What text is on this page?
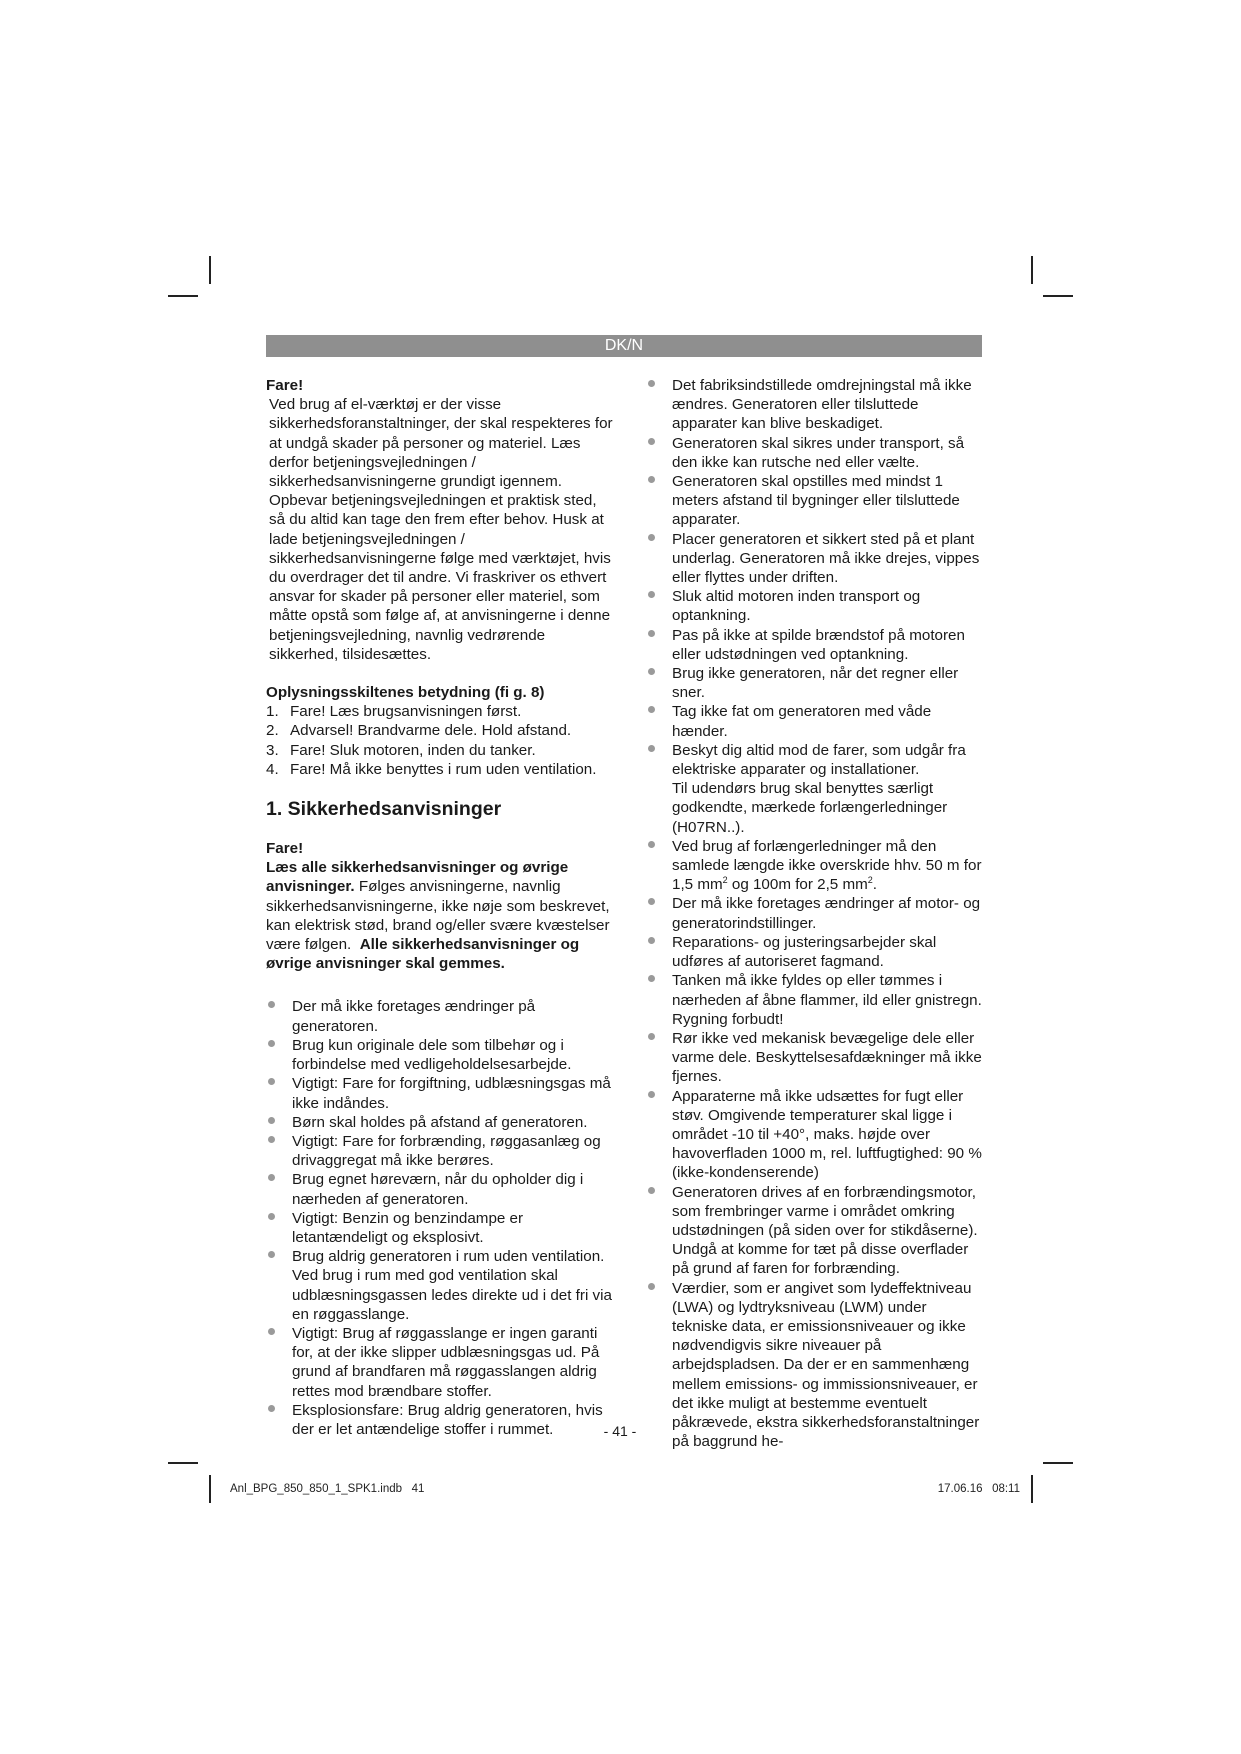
DK/N

Fare!

Ved brug af el-værktøj er der visse sikkerhedsforanstaltninger, der skal respekteres for at undgå skader på personer og materiel. Læs derfor betjeningsvejledningen / sikkerhedsanvisningerne grundigt igennem. Opbevar betjeningsvejledningen et praktisk sted, så du altid kan tage den frem efter behov. Husk at lade betjeningsvejledningen / sikkerhedsanvisningerne følge med værktøjet, hvis du overdrager det til andre. Vi fraskriver os ethvert ansvar for skader på personer eller materiel, som måtte opstå som følge af, at anvisningerne i denne betjeningsvejledning, navnlig vedrørende sikkerhed, tilsidesættes.

Oplysningsskiltenes betydning (fi g. 8)

1. Fare! Læs brugsanvisningen først.
2. Advarsel! Brandvarme dele. Hold afstand.
3. Fare! Sluk motoren, inden du tanker.
4. Fare! Må ikke benyttes i rum uden ventilation.
1. Sikkerhedsanvisninger

Fare!

Læs alle sikkerhedsanvisninger og øvrige anvisninger. Følges anvisningerne, navnlig sikkerhedsanvisningerne, ikke nøje som beskrevet, kan elektrisk stød, brand og/eller svære kvæstelser være følgen. Alle sikkerhedsanvisninger og øvrige anvisninger skal gemmes.

Der må ikke foretages ændringer på generatoren.
Brug kun originale dele som tilbehør og i forbindelse med vedligeholdelsesarbejde.
Vigtigt: Fare for forgiftning, udblæsningsgas må ikke indåndes.
Børn skal holdes på afstand af generatoren.
Vigtigt: Fare for forbrænding, røggasanlæg og drivaggregat må ikke berøres.
Brug egnet høreværn, når du opholder dig i nærheden af generatoren.
Vigtigt: Benzin og benzindampe er letantændeligt og eksplosivt.
Brug aldrig generatoren i rum uden ventilation. Ved brug i rum med god ventilation skal udblæsningsgassen ledes direkte ud i det fri via en røggasslange.
Vigtigt: Brug af røggasslange er ingen garanti for, at der ikke slipper udblæsningsgas ud. På grund af brandfaren må røggasslangen aldrig rettes mod brændbare stoffer.
Eksplosionsfare: Brug aldrig generatoren, hvis der er let antændelige stoffer i rummet.
Det fabriksindstillede omdrejningstal må ikke ændres. Generatoren eller tilsluttede apparater kan blive beskadiget.
Generatoren skal sikres under transport, så den ikke kan rutsche ned eller vælte.
Generatoren skal opstilles med mindst 1 meters afstand til bygninger eller tilsluttede apparater.
Placer generatoren et sikkert sted på et plant underlag. Generatoren må ikke drejes, vippes eller flyttes under driften.
Sluk altid motoren inden transport og optankning.
Pas på ikke at spilde brændstof på motoren eller udstødningen ved optankning.
Brug ikke generatoren, når det regner eller sner.
Tag ikke fat om generatoren med våde hænder.
Beskyt dig altid mod de farer, som udgår fra elektriske apparater og installationer.
Til udendørs brug skal benyttes særligt godkendte, mærkede forlængerledninger (H07RN..).
Ved brug af forlængerledninger må den samlede længde ikke overskride hhv. 50 m for 1,5 $mm^2$ og 100m for 2,5 $mm^2$.
Der må ikke foretages ændringer af motor- og generatorindstillinger.
Reparations- og justeringsarbejder skal udføres af autoriseret fagmand.
Tanken må ikke fyldes op eller tømmes i nærheden af åbne flammer, ild eller gnistregn. Rygning forbudt!
Rør ikke ved mekanisk bevægelige dele eller varme dele. Beskyttelsesafdækninger må ikke fjernes.
Apparaterne må ikke udsættes for fugt eller støv. Omgivende temperaturer skal ligge i området -10 til +40°, maks. højde over havoverfladen 1000 m, rel. luftfugtighed: 90 % (ikke-kondenserende)
Generatoren drives af en forbrændingsmotor, som frembringer varme i området omkring udstødningen (på siden over for stikdåserne). Undgå at komme for tæt på disse overflader på grund af faren for forbrænding.
Værdier, som er angivet som lydeffektniveau (LWA) og lydtryksniveau (LWM) under tekniske data, er emissionsniveauer og ikke nødvendigvis sikre niveauer på arbejdspladsen. Da der er en sammenhæng mellem emissions- og immissionsniveauer, er det ikke muligt at bestemme eventuelt påkrævede, ekstra sikkerhedsforanstaltninger på baggrund he-
- 41 -
Anl_BPG_850_850_1_SPK1.indb   41	17.06.16   08:11
